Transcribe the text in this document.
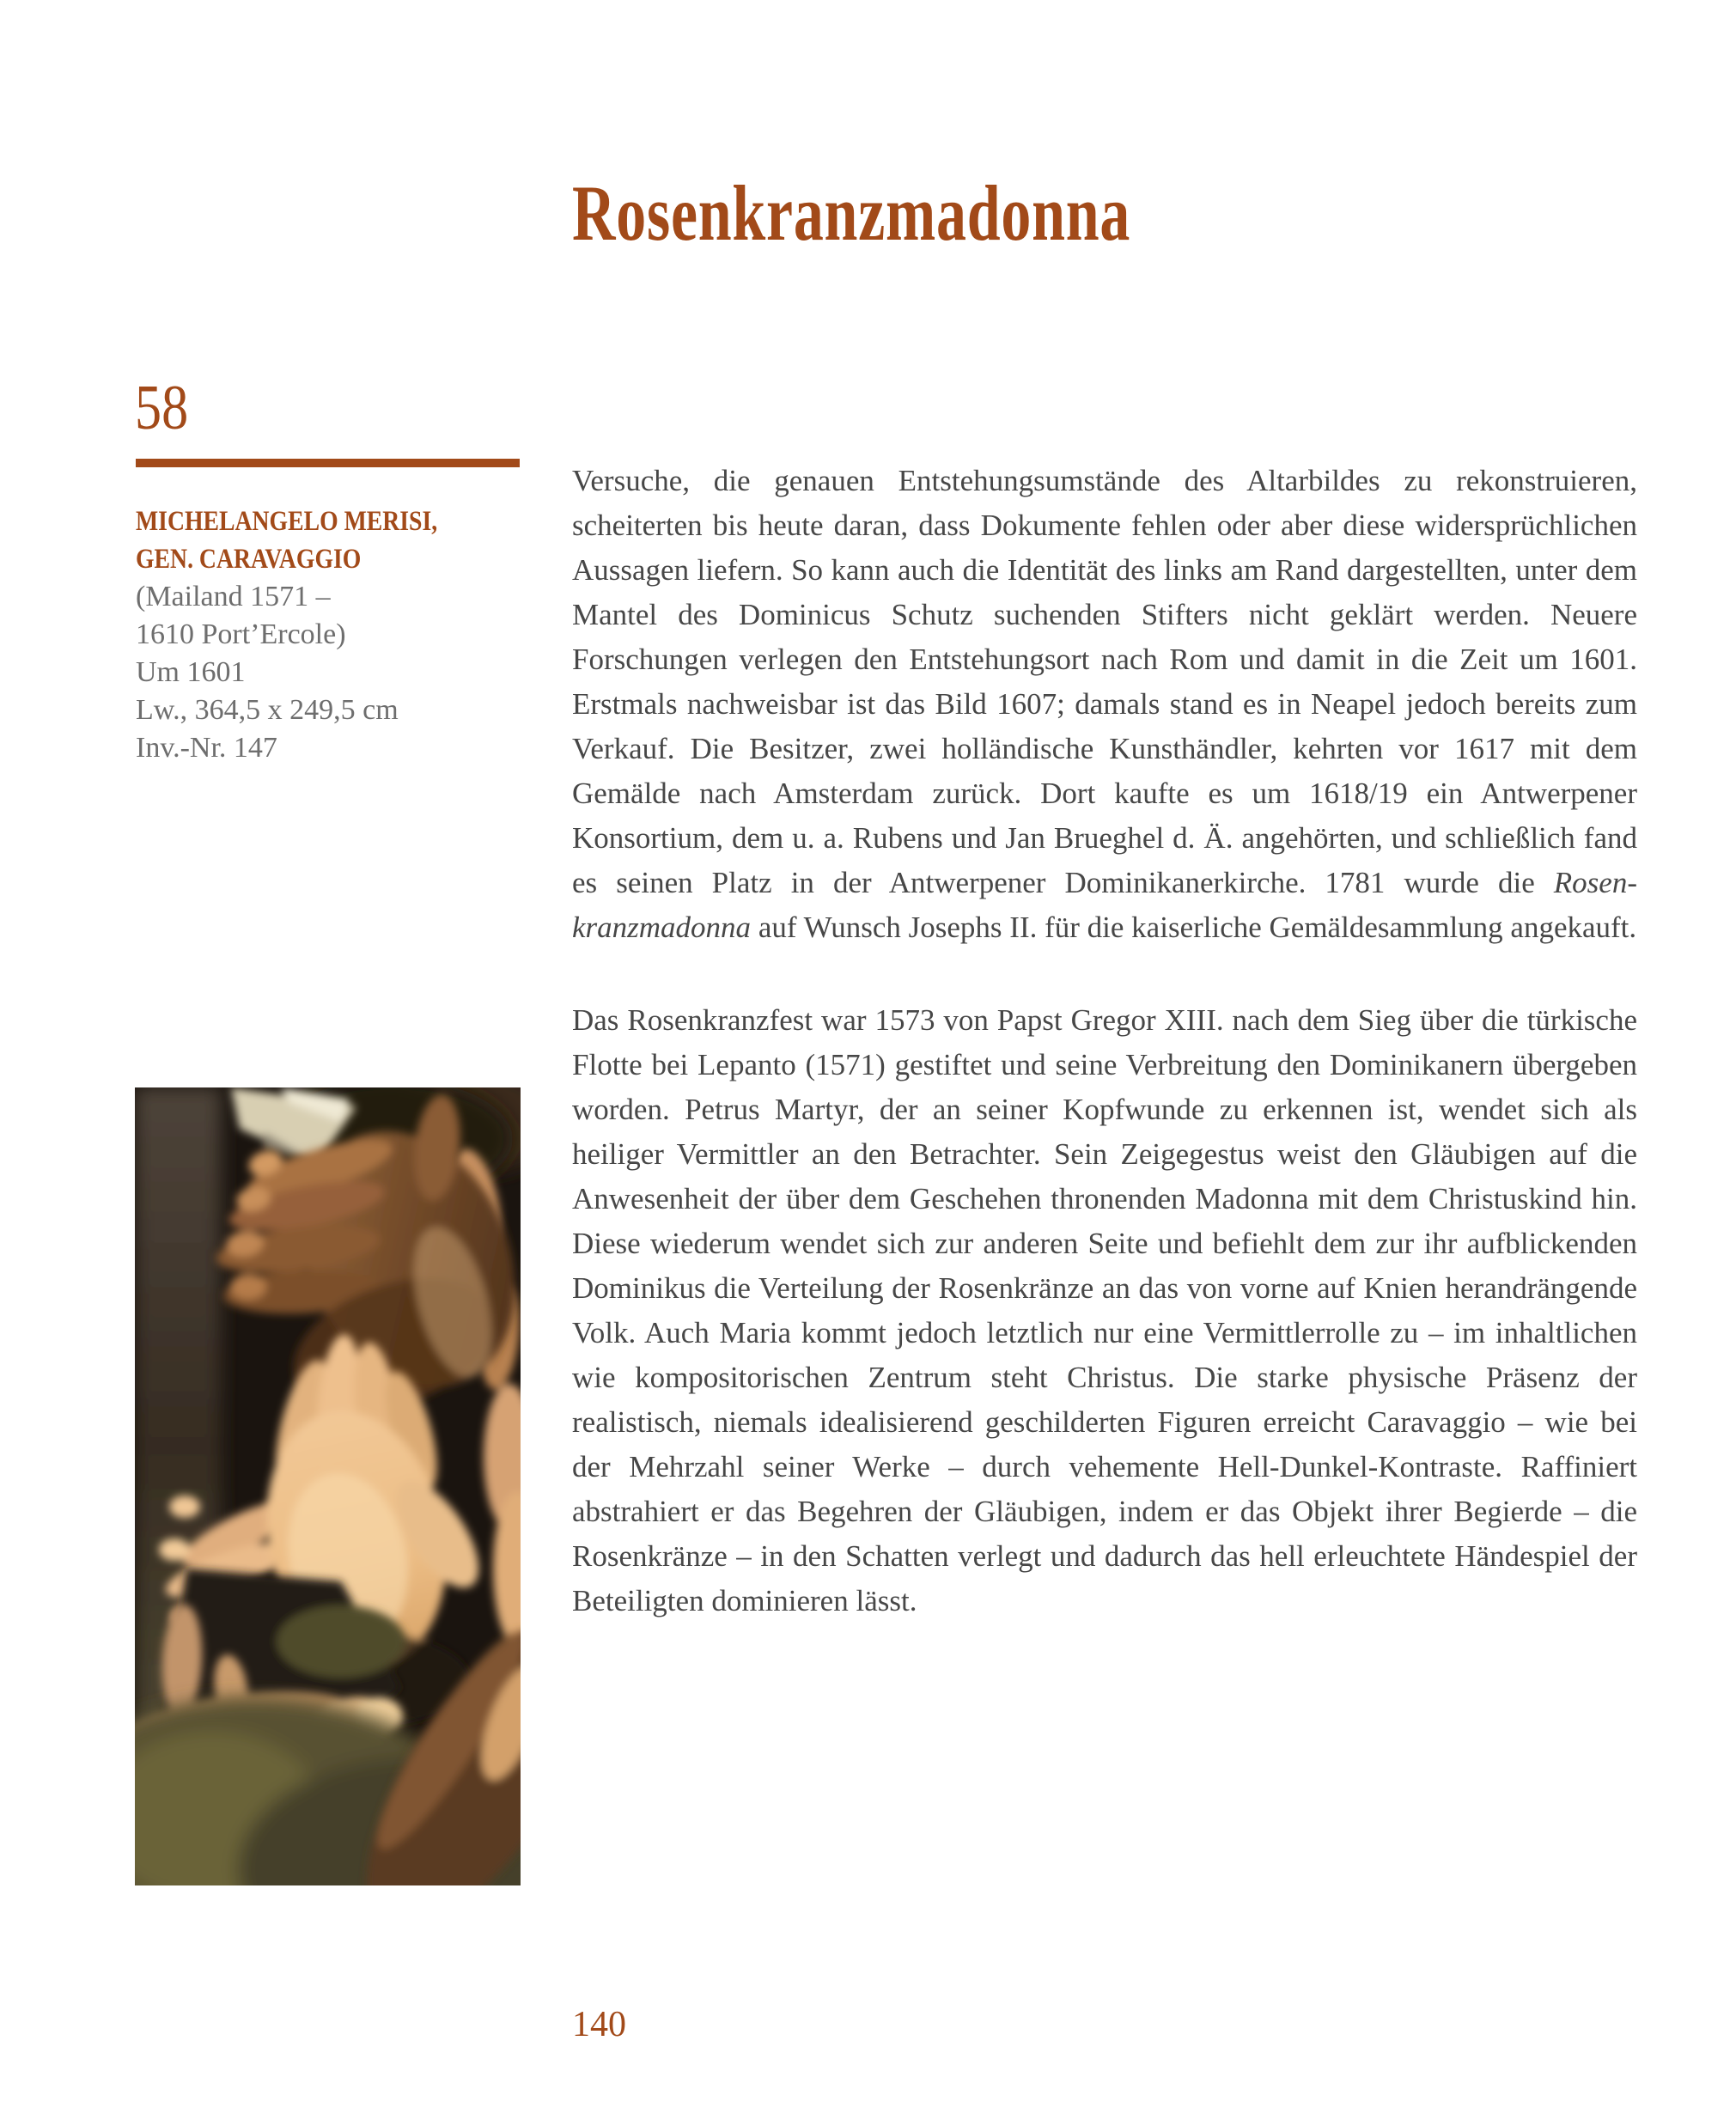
Rosenkranzmadonna
58
MICHELANGELO MERISI,
GEN. CARAVAGGIO
(Mailand 1571 –
1610 Port’Ercole)
Um 1601
Lw., 364,5 x 249,5 cm
Inv.-Nr. 147

Versuche, die genauen Entstehungsumstände des Altarbildes zu rekonstruieren, scheiterten bis heute daran, dass Dokumente fehlen oder aber diese widersprüchlichen Aussagen liefern. So kann auch die Identität des links am Rand dargestellten, unter dem Mantel des Dominicus Schutz suchenden Stifters nicht geklärt werden. Neuere Forschungen verlegen den Entstehungsort nach Rom und damit in die Zeit um 1601. Erstmals nachweisbar ist das Bild 1607; damals stand es in Neapel jedoch bereits zum Verkauf. Die Besitzer, zwei holländische Kunsthändler, kehrten vor 1617 mit dem Gemälde nach Amsterdam zurück. Dort kaufte es um 1618/19 ein Antwerpener Konsortium, dem u. a. Rubens und Jan Brueghel d. Ä. angehörten, und schließlich fand es seinen Platz in der Antwerpener Dominikanerkirche. 1781 wurde die Rosenkranzmadonna auf Wunsch Josephs II. für die kaiserliche Gemäldesammlung angekauft.

Das Rosenkranzfest war 1573 von Papst Gregor XIII. nach dem Sieg über die türkische Flotte bei Lepanto (1571) gestiftet und seine Verbreitung den Dominikanern übergeben worden. Petrus Martyr, der an seiner Kopfwunde zu erkennen ist, wendet sich als heiliger Vermittler an den Betrachter. Sein Zeigegestus weist den Gläubigen auf die Anwesenheit der über dem Geschehen thronenden Madonna mit dem Christuskind hin. Diese wiederum wendet sich zur anderen Seite und befiehlt dem zur ihr aufblickenden Dominikus die Verteilung der Rosenkränze an das von vorne auf Knien herandrängende Volk. Auch Maria kommt jedoch letztlich nur eine Vermittlerrolle zu – im inhaltlichen wie kompositorischen Zentrum steht Christus. Die starke physische Präsenz der realistisch, niemals idealisierend geschilderten Figuren erreicht Caravaggio – wie bei der Mehrzahl seiner Werke – durch vehemente Hell-Dunkel-Kontraste. Raffiniert abstrahiert er das Begehren der Gläubigen, indem er das Objekt ihrer Begierde – die Rosenkränze – in den Schatten verlegt und dadurch das hell erleuchtete Händespiel der Beteiligten dominieren lässt.

140
